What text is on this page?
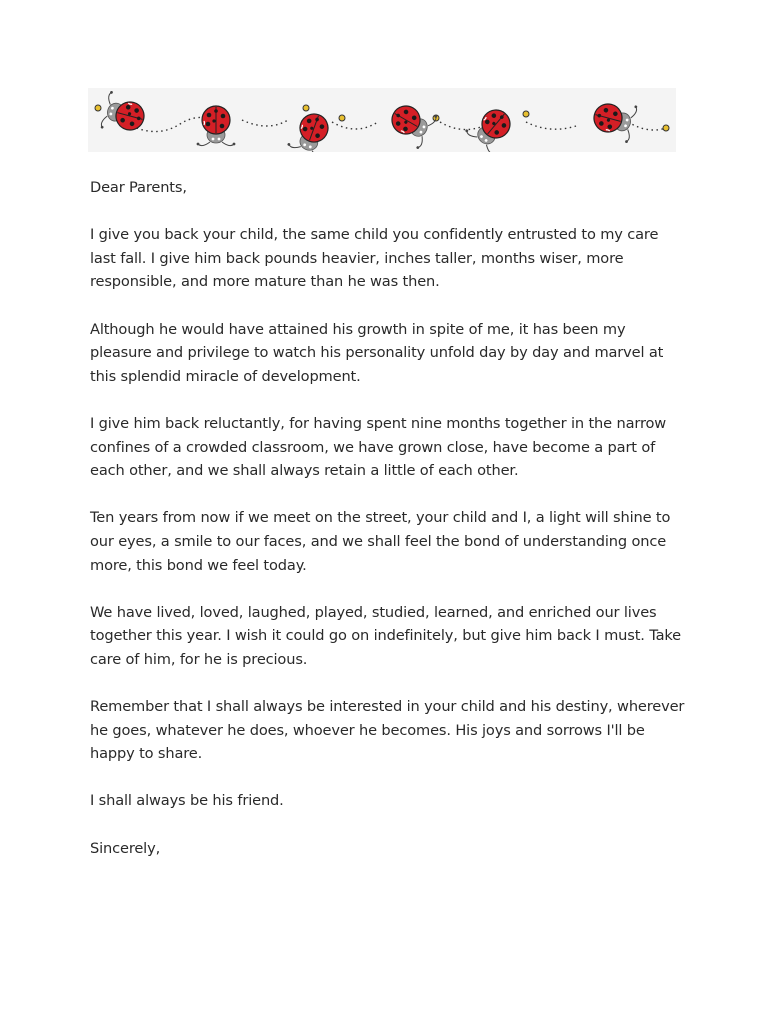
Dear Parents,

I give you back your child, the same child you confidently entrusted to my care last fall. I give him back pounds heavier, inches taller, months wiser, more responsible, and more mature than he was then.

Although he would have attained his growth in spite of me, it has been my pleasure and privilege to watch his personality unfold day by day and marvel at this splendid miracle of development.

I give him back reluctantly, for having spent nine months together in the narrow confines of a crowded classroom, we have grown close, have become a part of each other, and we shall always retain a little of each other.

Ten years from now if we meet on the street, your child and I, a light will shine to our eyes, a smile to our faces, and we shall feel the bond of understanding once more, this bond we feel today.

We have lived, loved, laughed, played, studied, learned, and enriched our lives together this year. I wish it could go on indefinitely, but give him back I must. Take care of him, for he is precious.

Remember that I shall always be interested in your child and his destiny, wherever he goes, whatever he does, whoever he becomes. His joys and sorrows I'll be happy to share.

I shall always be his friend.

Sincerely,
